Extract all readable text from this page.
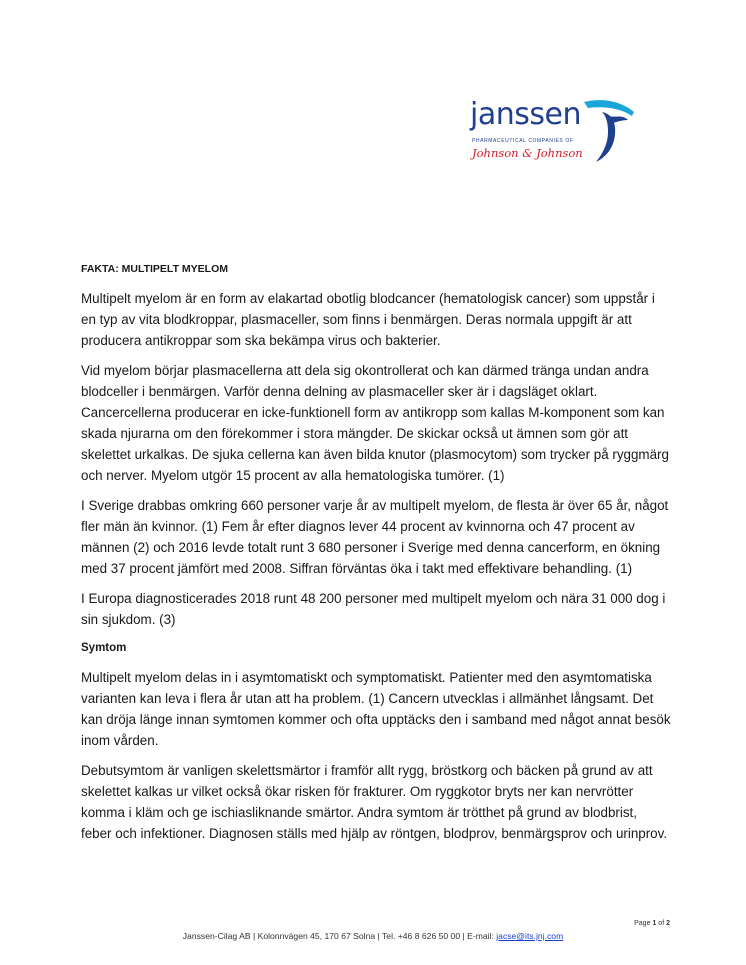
janssen
PHARMACEUTICAL COMPANIES OF
Johnson & Johnson
FAKTA: MULTIPELT MYELOM

Multipelt myelom är en form av elakartad obotlig blodcancer (hematologisk cancer) som uppstår i en typ av vita blodkroppar, plasmaceller, som finns i benmärgen. Deras normala uppgift är att producera antikroppar som ska bekämpa virus och bakterier.

Vid myelom börjar plasmacellerna att dela sig okontrollerat och kan därmed tränga undan andra blodceller i benmärgen. Varför denna delning av plasmaceller sker är i dagsläget oklart. Cancercellerna producerar en icke-funktionell form av antikropp som kallas M-komponent som kan skada njurarna om den förekommer i stora mängder. De skickar också ut ämnen som gör att skelettet urkalkas. De sjuka cellerna kan även bilda knutor (plasmocytom) som trycker på ryggmärg och nerver. Myelom utgör 15 procent av alla hematologiska tumörer. (1)

I Sverige drabbas omkring 660 personer varje år av multipelt myelom, de flesta är över 65 år, något fler män än kvinnor. (1) Fem år efter diagnos lever 44 procent av kvinnorna och 47 procent av männen (2) och 2016 levde totalt runt 3 680 personer i Sverige med denna cancerform, en ökning med 37 procent jämfört med 2008. Siffran förväntas öka i takt med effektivare behandling. (1)

I Europa diagnosticerades 2018 runt 48 200 personer med multipelt myelom och nära 31 000 dog i sin sjukdom. (3)

Symtom

Multipelt myelom delas in i asymtomatiskt och symptomatiskt. Patienter med den asymtomatiska varianten kan leva i flera år utan att ha problem. (1) Cancern utvecklas i allmänhet långsamt. Det kan dröja länge innan symtomen kommer och ofta upptäcks den i samband med något annat besök inom vården.

Debutsymtom är vanligen skelettsmärtor i framför allt rygg, bröstkorg och bäcken på grund av att skelettet kalkas ur vilket också ökar risken för frakturer. Om ryggkotor bryts ner kan nervrötter komma i kläm och ge ischiasliknande smärtor. Andra symtom är trötthet på grund av blodbrist, feber och infektioner. Diagnosen ställs med hjälp av röntgen, blodprov, benmärgsprov och urinprov.

Page 1 of 2
Janssen-Cilag AB | Kolonnvägen 45, 170 67 Solna | Tel. +46 8 626 50 00 | E-mail: jacse@its.jnj.com
